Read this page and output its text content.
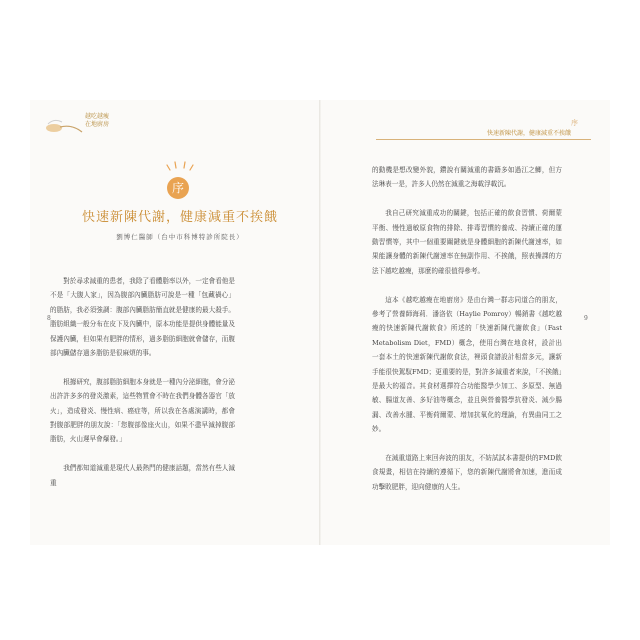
越吃越瘦
在地廚房
序
快速新陳代謝，健康減重不挨餓
劉博仁醫師（台中市科博特診所院長）

對於尋求減重的患者，我除了看體脂率以外，一定會看他是不是「大腹人家」，因為腹部內臟脂肪可說是一種「包藏禍心」的脂肪，我必須強調：腹部內臟脂肪簡直就是健康的最大殺手。脂肪組織一般分布在皮下及內臟中，原本功能是提供身體能量及保護內臟，但如果有肥胖的情形，過多脂肪細胞就會儲存，而腹部內臟儲存過多脂肪是很麻煩的事。

根據研究，腹部脂肪細胞本身就是一種內分泌細胞，會分泌出許許多多的發炎激素，這些物質會不時在我們身體各器官「放火」，造成發炎、慢性病、癌症等，所以我在各處演講時，都會對腹部肥胖的朋友說：「您腹部像座火山，如果不盡早減掉腹部脂肪，火山遲早會爆發。」

我們都知道減重是現代人最熱門的健康話題，當然有些人減重

8
序
快速新陳代謝，健康減重不挨餓

的動機是想改變外貌，鑽說有關減重的書籍多如過江之鯽，但方法琳表一是，許多人仍然在減重之海載浮載沉。

我自己研究減重成功的關鍵，包括正確的飲食習慣、荷爾蒙平衡、慢性過敏原食物的排除、排毒習慣的養成、持續正確的運動習慣等，其中一個重要關鍵就是身體細胞的新陳代謝速率，如果能讓身體的新陳代謝速率在無副作用、不挨餓，照表操課的方法下越吃越瘦，那麼的確很值得參考。

這本《越吃越瘦在地廚房》是由台灣一群志同道合的朋友，參考了營養師海莉．潘洛依（Haylie Pomroy）暢銷書《越吃越瘦的快速新陳代謝飲食》所述的「快速新陳代謝飲食」（Fast Metabolism Diet，FMD）概念，使用台灣在地食材，設計出一套本土的快速新陳代謝飲食法，裡頭食譜設計相當多元，讓新手能很快駕馭FMD；更重要的是，對許多減重者來說，「不挨餓」是最大的福音。其食材選擇符合功能醫學少加工、多原型、無過敏、腸道友善、多好油等概念，並且與營養醫學抗發炎、減少腸漏、改善水腫、平衡荷爾蒙、增加抗氧化的理論，有異曲同工之妙。

在減重道路上來回奔波的朋友，不妨試試本書提供的FMD飲食規畫，相信在持續的遵循下，您的新陳代謝將會加速，進而成功擊敗肥胖，迎向健康的人生。

9
